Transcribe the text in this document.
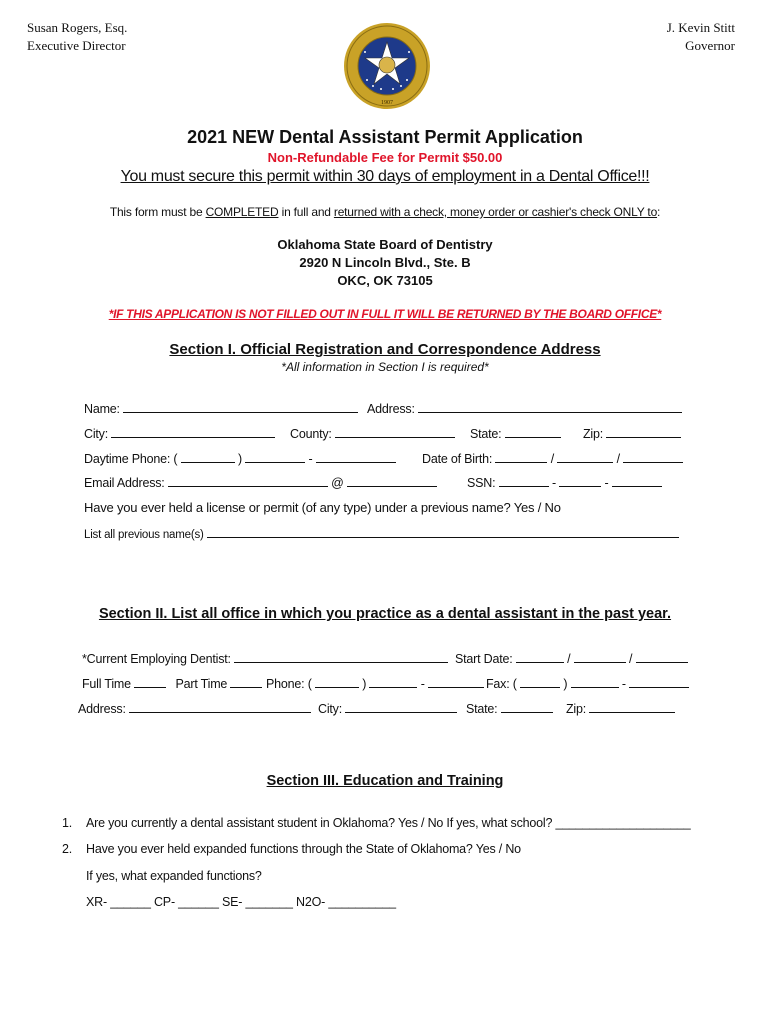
Susan Rogers, Esq.
Executive Director
J. Kevin Stitt
Governor
1907
2021 NEW Dental Assistant Permit Application
Non-Refundable Fee for Permit $50.00
You must secure this permit within 30 days of employment in a Dental Office!!!
This form must be COMPLETED in full and returned with a check, money order or cashier's check ONLY to:
Oklahoma State Board of Dentistry
2920 N Lincoln Blvd., Ste. B
OKC, OK 73105
*IF THIS APPLICATION IS NOT FILLED OUT IN FULL IT WILL BE RETURNED BY THE BOARD OFFICE*
Section I. Official Registration and Correspondence Address
*All information in Section I is required*
Name:	Address:
City:	County:	State:	Zip:
Daytime Phone: (	)	-	Date of Birth:	/	/
Email Address:	@	SSN:	-	-
Have you ever held a license or permit (of any type) under a previous name? Yes / No
List all previous name(s)
Section II. List all office in which you practice as a dental assistant in the past year.
*Current Employing Dentist:	Start Date:	/	/
Full Time	Part Time	Phone: (	)	-	Fax: (	)	-
Address:	City:	State:	Zip:
Section III. Education and Training
1. Are you currently a dental assistant student in Oklahoma? Yes / No If yes, what school? ____________________
2. Have you ever held expanded functions through the State of Oklahoma? Yes / No
If yes, what expanded functions?
XR- ______ CP- ______ SE- _______ N2O- __________
